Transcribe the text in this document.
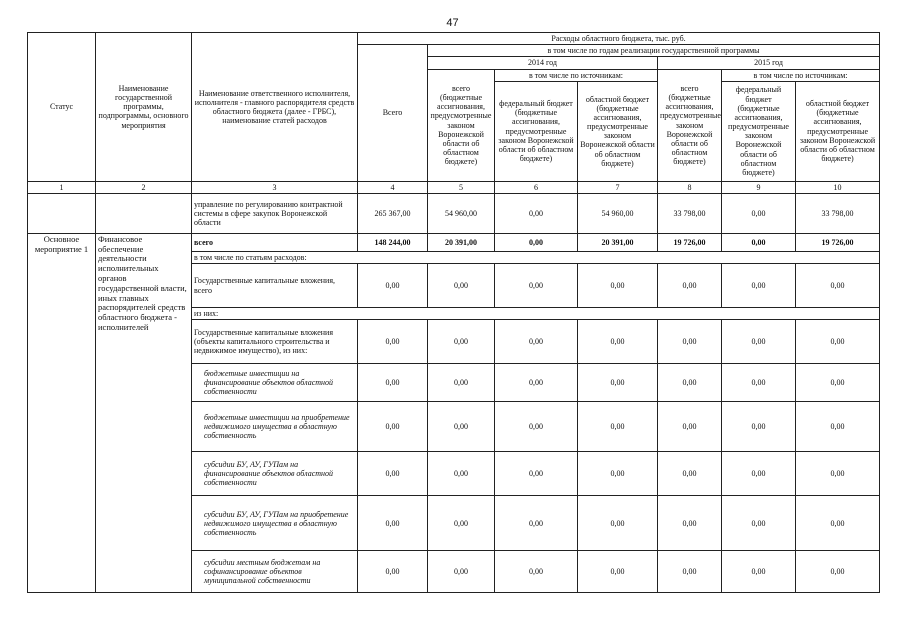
47
Статус	Наименование государственной программы, подпрограммы, основного мероприятия	Наименование ответственного исполнителя, исполнителя - главного распорядителя средств областного бюджета (далее - ГРБС), наименование статей расходов	Расходы областного бюджета, тыс. руб.						
			Всего	в том числе по годам реализации государственной программы					
				2014 год			2015 год		
				всего (бюджетные ассигнования, предусмотренные законом Воронежской области об областном бюджете)	в том числе по источникам:		всего (бюджетные ассигнования, предусмотренные законом Воронежской области об областном бюджете)	в том числе по источникам:	
					федеральный бюджет (бюджетные ассигнования, предусмотренные законом Воронежской области об областном бюджете)	областной бюджет (бюджетные ассигнования, предусмотренные законом Воронежской области об областном бюджете)		федеральный бюджет (бюджетные ассигнования, предусмотренные законом Воронежской области об областном бюджете)	областной бюджет (бюджетные ассигнования, предусмотренные законом Воронежской области об областном бюджете)
1	2	3	4	5	6	7	8	9	10
		управление по регулированию контрактной системы в сфере закупок Воронежской области	265 367,00	54 960,00	0,00	54 960,00	33 798,00	0,00	33 798,00
Основное мероприятие 1	Финансовое обеспечение деятельности исполнительных органов государственной власти, иных главных распорядителей средств областного бюджета - исполнителей	всего	148 244,00	20 391,00	0,00	20 391,00	19 726,00	0,00	19 726,00
		в том числе по статьям расходов:							
		Государственные капитальные вложения, всего	0,00	0,00	0,00	0,00	0,00	0,00	0,00
		из них:							
		Государственные капитальные вложения (объекты капитального строительства и недвижимое имущество), из них:	0,00	0,00	0,00	0,00	0,00	0,00	0,00
		бюджетные инвестиции на финансирование объектов областной собственности	0,00	0,00	0,00	0,00	0,00	0,00	0,00
		бюджетные инвестиции на приобретение недвижимого имущества в областную собственность	0,00	0,00	0,00	0,00	0,00	0,00	0,00
		субсидии БУ, АУ, ГУПам на финансирование объектов областной собственности	0,00	0,00	0,00	0,00	0,00	0,00	0,00
		субсидии БУ, АУ, ГУПам на приобретение недвижимого имущества в областную собственность	0,00	0,00	0,00	0,00	0,00	0,00	0,00
		субсидии местным бюджетам на софинансирование объектов муниципальной собственности	0,00	0,00	0,00	0,00	0,00	0,00	0,00
